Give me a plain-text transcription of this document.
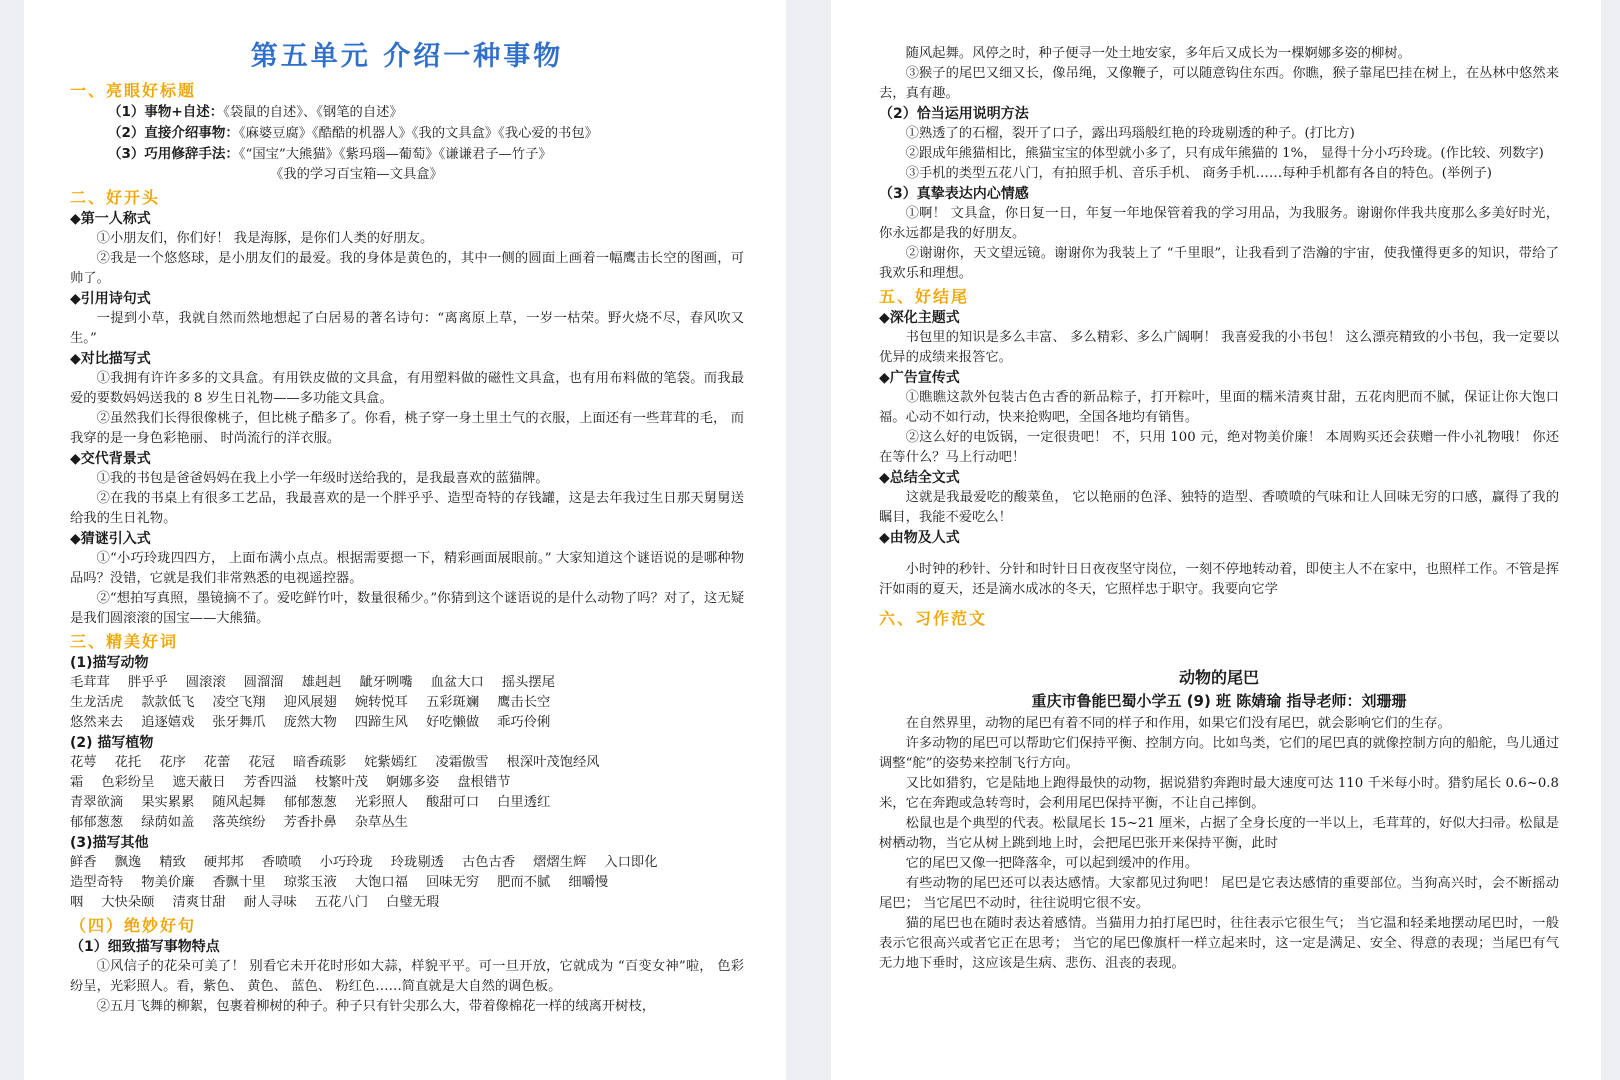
第五单元 介绍一种事物
一、亮眼好标题
（1）事物+自述：《袋鼠的自述》、《钢笔的自述》
（2）直接介绍事物：《麻婆豆腐》《酷酷的机器人》《我的文具盒》《我心爱的书包》
（3）巧用修辞手法：《“国宝”大熊猫》《紫玛瑙—葡萄》《谦谦君子—竹子》
《我的学习百宝箱—文具盒》
二、好开头
◆第一人称式

①小朋友们，你们好！ 我是海豚，是你们人类的好朋友。

②我是一个悠悠球，是小朋友们的最爱。我的身体是黄色的，其中一侧的圆面上画着一幅鹰击长空的图画，可帅了。

◆引用诗句式

一提到小草，我就自然而然地想起了白居易的著名诗句：“离离原上草，一岁一枯荣。野火烧不尽，春风吹又生。”

◆对比描写式

①我拥有许许多多的文具盒。有用铁皮做的文具盒，有用塑料做的磁性文具盒，也有用布料做的笔袋。而我最爱的要数妈妈送我的 8 岁生日礼物——多功能文具盒。

②虽然我们长得很像桃子，但比桃子酷多了。你看，桃子穿一身土里土气的衣服，上面还有一些茸茸的毛， 而我穿的是一身色彩艳丽、 时尚流行的洋衣服。

◆交代背景式

①我的书包是爸爸妈妈在我上小学一年级时送给我的，是我最喜欢的蓝猫牌。

②在我的书桌上有很多工艺品，我最喜欢的是一个胖乎乎、造型奇特的存钱罐，这是去年我过生日那天舅舅送给我的生日礼物。

◆猜谜引入式

①“小巧玲珑四四方， 上面布满小点点。根据需要摁一下，精彩画面展眼前。” 大家知道这个谜语说的是哪种物品吗？没错，它就是我们非常熟悉的电视遥控器。

②“想拍写真照，墨镜摘不了。爱吃鲜竹叶，数量很稀少。”你猜到这个谜语说的是什么动物了吗？对了，这无疑是我们圆滚滚的国宝——大熊猫。

三、精美好词
(1)描写动物
毛茸茸 胖乎乎 圆滚滚 圆溜溜 雄赳赳 龇牙咧嘴 血盆大口 摇头摆尾
生龙活虎 款款低飞 凌空飞翔 迎风展翅 婉转悦耳 五彩斑斓 鹰击长空
悠然来去 追逐嬉戏 张牙舞爪 庞然大物 四蹄生风 好吃懒做 乖巧伶俐
(2) 描写植物
花萼 花托 花序 花蕾 花冠 暗香疏影 姹紫嫣红 凌霜傲雪 根深叶茂饱经风
霜 色彩纷呈 遮天蔽日 芳香四溢 枝繁叶茂 婀娜多姿 盘根错节
青翠欲滴 果实累累 随风起舞 郁郁葱葱 光彩照人 酸甜可口 白里透红
郁郁葱葱 绿荫如盖 落英缤纷 芳香扑鼻 杂草丛生
(3)描写其他
鲜香 飘逸 精致 硬邦邦 香喷喷 小巧玲珑 玲珑剔透 古色古香 熠熠生辉 入口即化
造型奇特 物美价廉 香飘十里 琼浆玉液 大饱口福 回味无穷 肥而不腻 细嚼慢
咽 大快朵颐 清爽甘甜 耐人寻味 五花八门 白璧无瑕
（四）绝妙好句
（1）细致描写事物特点

①风信子的花朵可美了！ 别看它未开花时形如大蒜，样貌平平。可一旦开放，它就成为 “百变女神”啦， 色彩纷呈，光彩照人。看，紫色、 黄色、 蓝色、 粉红色……简直就是大自然的调色板。

②五月飞舞的柳絮，包裹着柳树的种子。种子只有针尖那么大，带着像棉花一样的绒离开树枝，

随风起舞。风停之时，种子便寻一处土地安家，多年后又成长为一棵婀娜多姿的柳树。

③猴子的尾巴又细又长，像吊绳，又像鞭子，可以随意钩住东西。你瞧，猴子靠尾巴挂在树上，在丛林中悠然来去，真有趣。

（2）恰当运用说明方法

①熟透了的石榴，裂开了口子，露出玛瑙般红艳的玲珑剔透的种子。(打比方)

②跟成年熊猫相比，熊猫宝宝的体型就小多了，只有成年熊猫的 1%， 显得十分小巧玲珑。(作比较、列数字)

③手机的类型五花八门，有拍照手机、音乐手机、 商务手机……每种手机都有各自的特色。(举例子)

（3）真挚表达内心情感

①啊！ 文具盒，你日复一日，年复一年地保管着我的学习用品，为我服务。谢谢你伴我共度那么多美好时光，你永远都是我的好朋友。

②谢谢你，天文望远镜。谢谢你为我装上了 “千里眼”，让我看到了浩瀚的宇宙，使我懂得更多的知识，带给了我欢乐和理想。

五、好结尾
◆深化主题式

书包里的知识是多么丰富、 多么精彩、多么广阔啊！ 我喜爱我的小书包！ 这么漂亮精致的小书包，我一定要以优异的成绩来报答它。

◆广告宣传式

①瞧瞧这款外包装古色古香的新品粽子，打开粽叶，里面的糯米清爽甘甜，五花肉肥而不腻，保证让你大饱口福。心动不如行动，快来抢购吧，全国各地均有销售。

②这么好的电饭锅，一定很贵吧！ 不，只用 100 元，绝对物美价廉！ 本周购买还会获赠一件小礼物哦！ 你还在等什么？马上行动吧！

◆总结全文式

这就是我最爱吃的酸菜鱼， 它以艳丽的色泽、独特的造型、香喷喷的气味和让人回味无穷的口感，赢得了我的瞩目，我能不爱吃么！

◆由物及人式

小时钟的秒针、分针和时针日日夜夜坚守岗位，一刻不停地转动着，即使主人不在家中，也照样工作。不管是挥汗如雨的夏天，还是滴水成冰的冬天，它照样忠于职守。我要向它学

六、习作范文
动物的尾巴
重庆市鲁能巴蜀小学五 (9) 班 陈婧瑜 指导老师：刘珊珊

在自然界里，动物的尾巴有着不同的样子和作用，如果它们没有尾巴，就会影响它们的生存。

许多动物的尾巴可以帮助它们保持平衡、控制方向。比如鸟类，它们的尾巴真的就像控制方向的船舵，鸟儿通过调整“舵”的姿势来控制飞行方向。

又比如猎豹，它是陆地上跑得最快的动物，据说猎豹奔跑时最大速度可达 110 千米每小时。猎豹尾长 0.6~0.8 米，它在奔跑或急转弯时，会利用尾巴保持平衡，不让自己摔倒。

松鼠也是个典型的代表。松鼠尾长 15~21 厘米，占据了全身长度的一半以上，毛茸茸的，好似大扫帚。松鼠是树栖动物，当它从树上跳到地上时，会把尾巴张开来保持平衡，此时

它的尾巴又像一把降落伞，可以起到缓冲的作用。

有些动物的尾巴还可以表达感情。大家都见过狗吧！ 尾巴是它表达感情的重要部位。当狗高兴时，会不断摇动尾巴； 当它尾巴不动时，往往说明它很不安。

猫的尾巴也在随时表达着感情。当猫用力拍打尾巴时，往往表示它很生气； 当它温和轻柔地摆动尾巴时，一般表示它很高兴或者它正在思考； 当它的尾巴像旗杆一样立起来时，这一定是满足、安全、得意的表现；当尾巴有气无力地下垂时，这应该是生病、悲伤、沮丧的表现。
